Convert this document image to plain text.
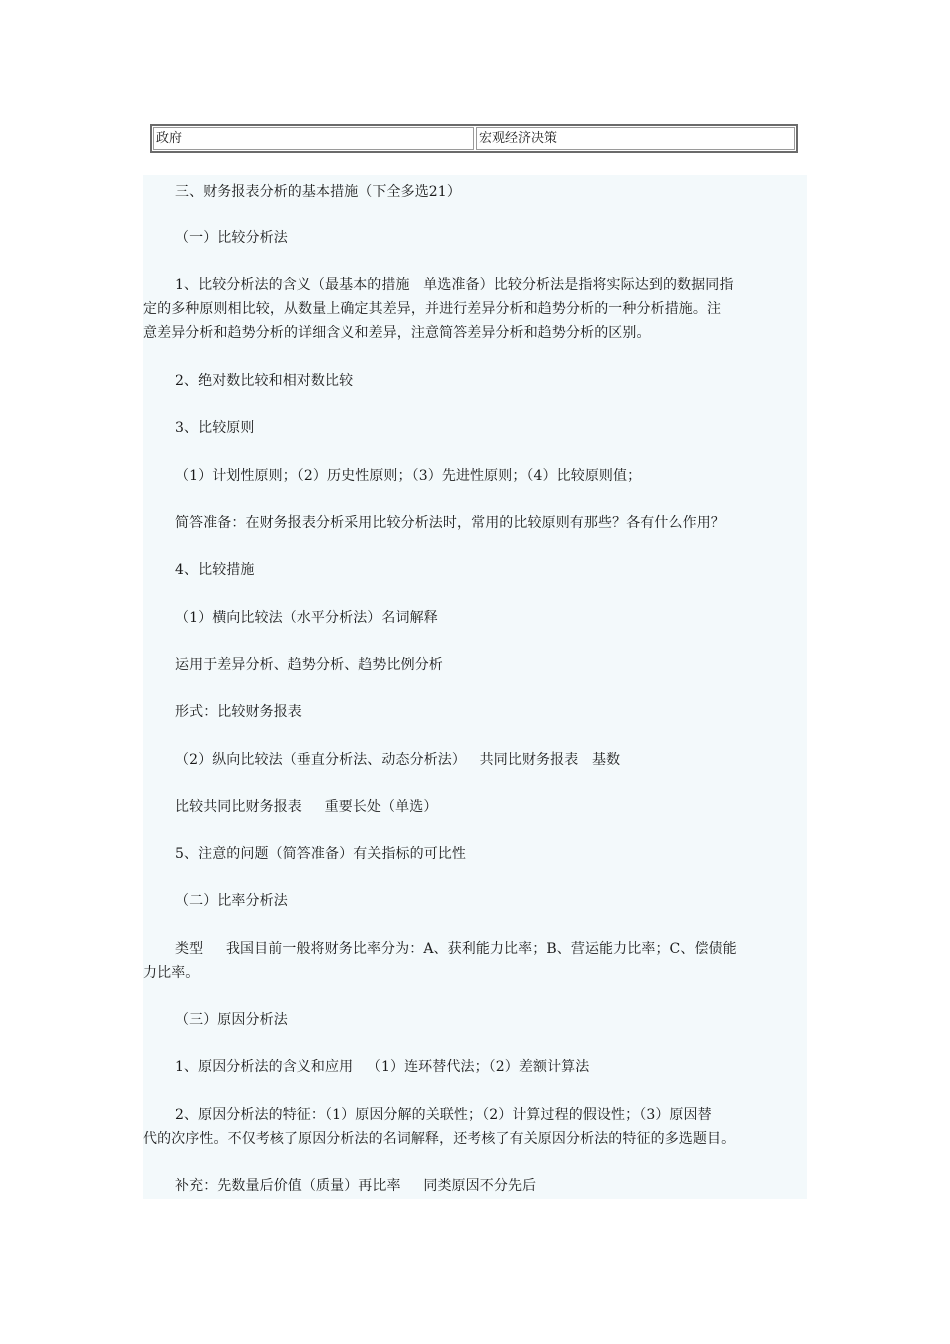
政府	宏观经济决策
三、财务报表分析的基本措施（下全多选21）
（一）比较分析法
1、比较分析法的含义（最基本的措施   单选准备）比较分析法是指将实际达到的数据同指
定的多种原则相比较，从数量上确定其差异，并进行差异分析和趋势分析的一种分析措施。注
意差异分析和趋势分析的详细含义和差异，注意简答差异分析和趋势分析的区别。
2、绝对数比较和相对数比较
3、比较原则
（1）计划性原则；（2）历史性原则；（3）先进性原则；（4）比较原则值；
简答准备：在财务报表分析采用比较分析法时，常用的比较原则有那些？各有什么作用？
4、比较措施
（1）横向比较法（水平分析法）名词解释
运用于差异分析、趋势分析、趋势比例分析
形式：比较财务报表
（2）纵向比较法（垂直分析法、动态分析法）   共同比财务报表   基数
比较共同比财务报表     重要长处（单选）
5、注意的问题（简答准备）有关指标的可比性
（二）比率分析法
类型     我国目前一般将财务比率分为：A、获利能力比率；B、营运能力比率；C、偿债能
力比率。
（三）原因分析法
1、原因分析法的含义和应用   （1）连环替代法；（2）差额计算法
2、原因分析法的特征：（1）原因分解的关联性；（2）计算过程的假设性；（3）原因替
代的次序性。不仅考核了原因分析法的名词解释，还考核了有关原因分析法的特征的多选题目。
补充：先数量后价值（质量）再比率     同类原因不分先后
